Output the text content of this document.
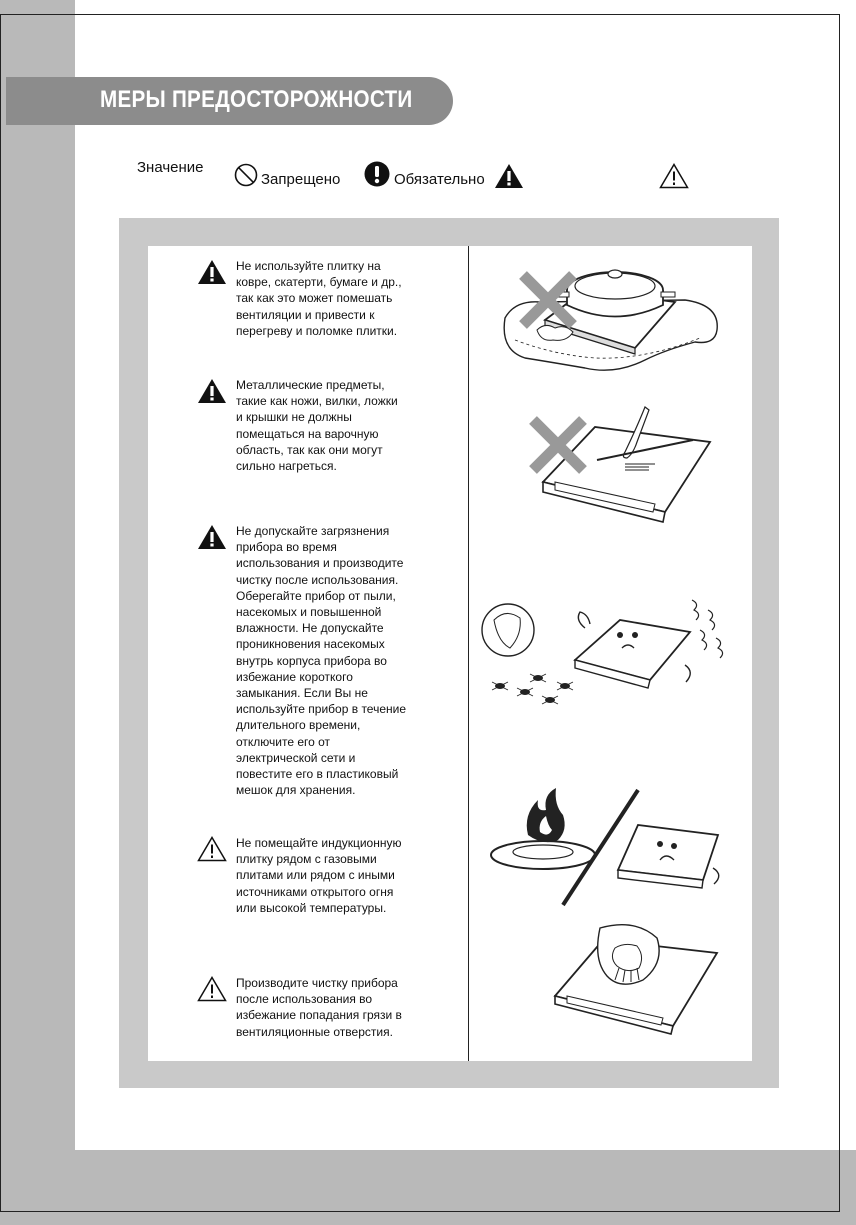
МЕРЫ ПРЕДОСТОРОЖНОСТИ
Значение
Запрещено	Обязательно
Не используйте плитку на
ковре, скатерти, бумаге и др.,
так как это может помешать
вентиляции и привести к
перегреву и поломке плитки.
Металлические предметы,
такие как ножи, вилки, ложки
и крышки не должны
помещаться на варочную
область, так как они могут
сильно нагреться.
Не допускайте загрязнения
прибора во время
использования и производите
чистку после использования.
Оберегайте прибор от пыли,
насекомых и повышенной
влажности. Не допускайте
проникновения насекомых
внутрь корпуса прибора во
избежание короткого
замыкания. Если Вы не
используйте прибор в течение
длительного времени,
отключите его от
электрической сети и
повестите его в пластиковый
мешок для хранения.
Не помещайте индукционную
плитку рядом с газовыми
плитами или рядом с иными
источниками открытого огня
или высокой температуры.
Производите чистку прибора
после использования во
избежание попадания грязи в
вентиляционные отверстия.
